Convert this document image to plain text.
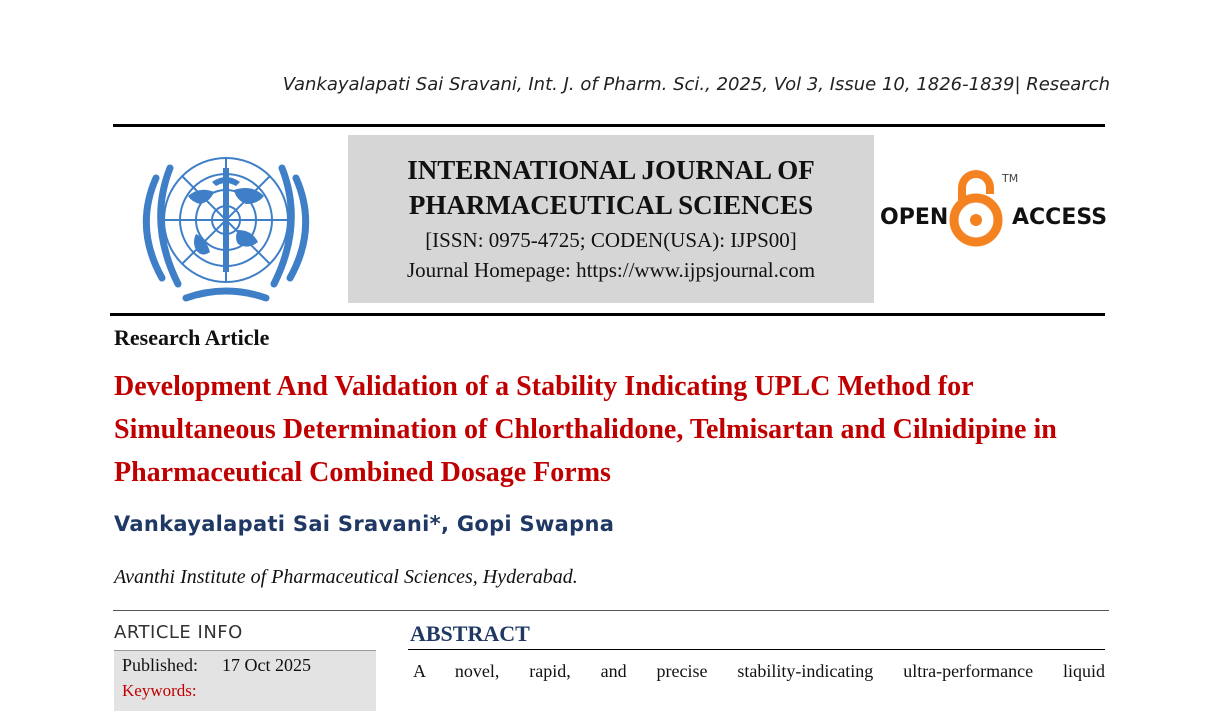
Vankayalapati Sai Sravani, Int. J. of Pharm. Sci., 2025, Vol 3, Issue 10, 1826-1839| Research
INTERNATIONAL JOURNAL OF
PHARMACEUTICAL SCIENCES
[ISSN: 0975-4725; CODEN(USA): IJPS00]
Journal Homepage: https://www.ijpsjournal.com
OPEN	ACCESS
TM
Research Article
Development And Validation of a Stability Indicating UPLC Method for Simultaneous Determination of Chlorthalidone, Telmisartan and Cilnidipine in Pharmaceutical Combined Dosage Forms
Vankayalapati Sai Sravani*, Gopi Swapna
Avanthi Institute of Pharmaceutical Sciences, Hyderabad.
ARTICLE INFO
Published: 17 Oct 2025
Keywords:
ABSTRACT
A novel, rapid, and precise stability-indicating ultra-performance liquid
